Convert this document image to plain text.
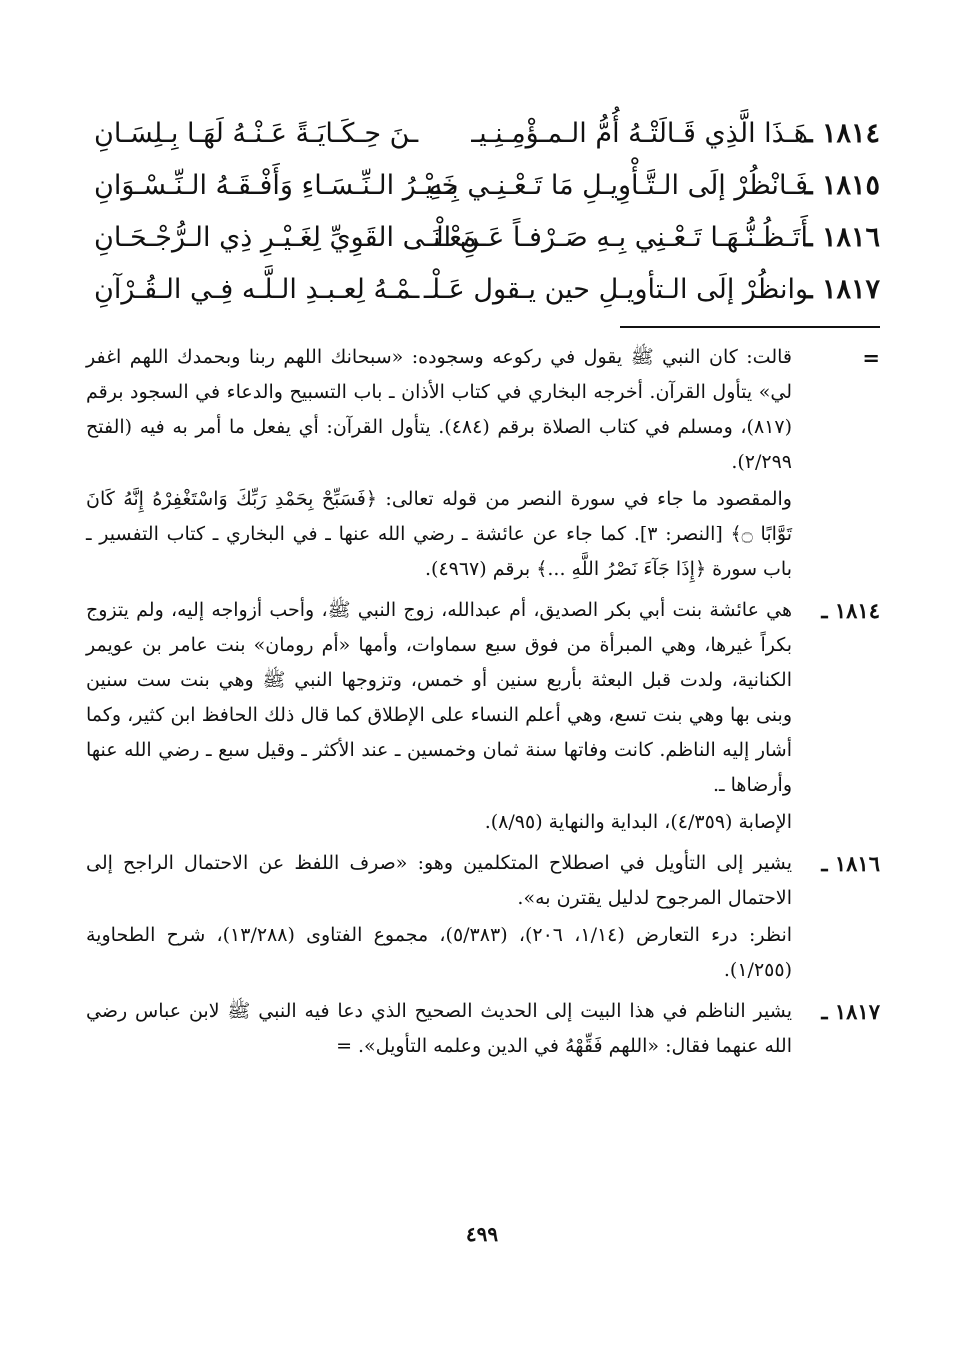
١٨١٤ ـ
هَـذَا الَّذِي قَـالَتْـهُ أُمُّ الـمـؤْمِـنِـيـ
ـنَ حِـكَـايَـةً عَـنْـهُ لَهَـا بِـلِسَـانِ
١٨١٥ ـ
فَـانْظُرْ إلَى الـتَّـأْوِيـلِ مَا تَـعْـنِـي بِـهِ
خَـيْـرُ الـنِّـسَـاءِ وَأَفْـقَـهُ الـنِّـسْـوَانِ
١٨١٦ ـ
أَتَـظُـنُّـهَـا تَـعْـنِي بِـهِ صَـرْفـاً عَـنِ الْـ
ـمَعْـنَـى القَوِيِّ لِغَـيْـرِ ذِي الـرُّجْـحَـانِ
١٨١٧ ـ
وانظُرْ إلَى الـتأويـلِ حين يـقول عَـلْـ
ـمْـهُ لِعـبـدِ الـلَّـه فِـي الـقُـرْآنِ
=

قالت: كان النبي ﷺ يقول في ركوعه وسجوده: «سبحانك اللهم ربنا وبحمدك اللهم اغفر لي» يتأول القرآن. أخرجه البخاري في كتاب الأذان ـ باب التسبيح والدعاء في السجود برقم (٨١٧)، ومسلم في كتاب الصلاة برقم (٤٨٤). يتأول القرآن: أي يفعل ما أمر به فيه (الفتح ٢/٢٩٩).

والمقصود ما جاء في سورة النصر من قوله تعالى: ﴿فَسَبِّحْ بِحَمْدِ رَبِّكَ وَاسْتَغْفِرْهُ إِنَّهُ كَانَ تَوَّابًا ۝﴾ [النصر: ٣]. كما جاء عن عائشة ـ رضي الله عنها ـ في البخاري ـ كتاب التفسير ـ باب سورة ﴿إِذَا جَآءَ نَصْرُ اللَّهِ ...﴾ برقم (٤٩٦٧).

١٨١٤ ـ

هي عائشة بنت أبي بكر الصديق، أم عبدالله، زوج النبي ﷺ، وأحب أزواجه إليه، ولم يتزوج بكراً غيرها، وهي المبرأة من فوق سبع سماوات، وأمها «أم رومان» بنت عامر بن عويمر الكنانية، ولدت قبل البعثة بأربع سنين أو خمس، وتزوجها النبي ﷺ وهي بنت ست سنين وبنى بها وهي بنت تسع، وهي أعلم النساء على الإطلاق كما قال ذلك الحافظ ابن كثير، وكما أشار إليه الناظم. كانت وفاتها سنة ثمان وخمسين ـ عند الأكثر ـ وقيل سبع ـ رضي الله عنها وأرضاها ـ.

الإصابة (٤/٣٥٩)، البداية والنهاية (٨/٩٥).

١٨١٦ ـ

يشير إلى التأويل في اصطلاح المتكلمين وهو: «صرف اللفظ عن الاحتمال الراجح إلى الاحتمال المرجوح لدليل يقترن به».

انظر: درء التعارض (١/١٤، ٢٠٦)، (٥/٣٨٣)، مجموع الفتاوى (١٣/٢٨٨)، شرح الطحاوية (١/٢٥٥).

١٨١٧ ـ

يشير الناظم في هذا البيت إلى الحديث الصحيح الذي دعا فيه النبي ﷺ لابن عباس رضي الله عنهما فقال: «اللهم فَقِّهْهُ في الدين وعلمه التأويل». =

٤٩٩
